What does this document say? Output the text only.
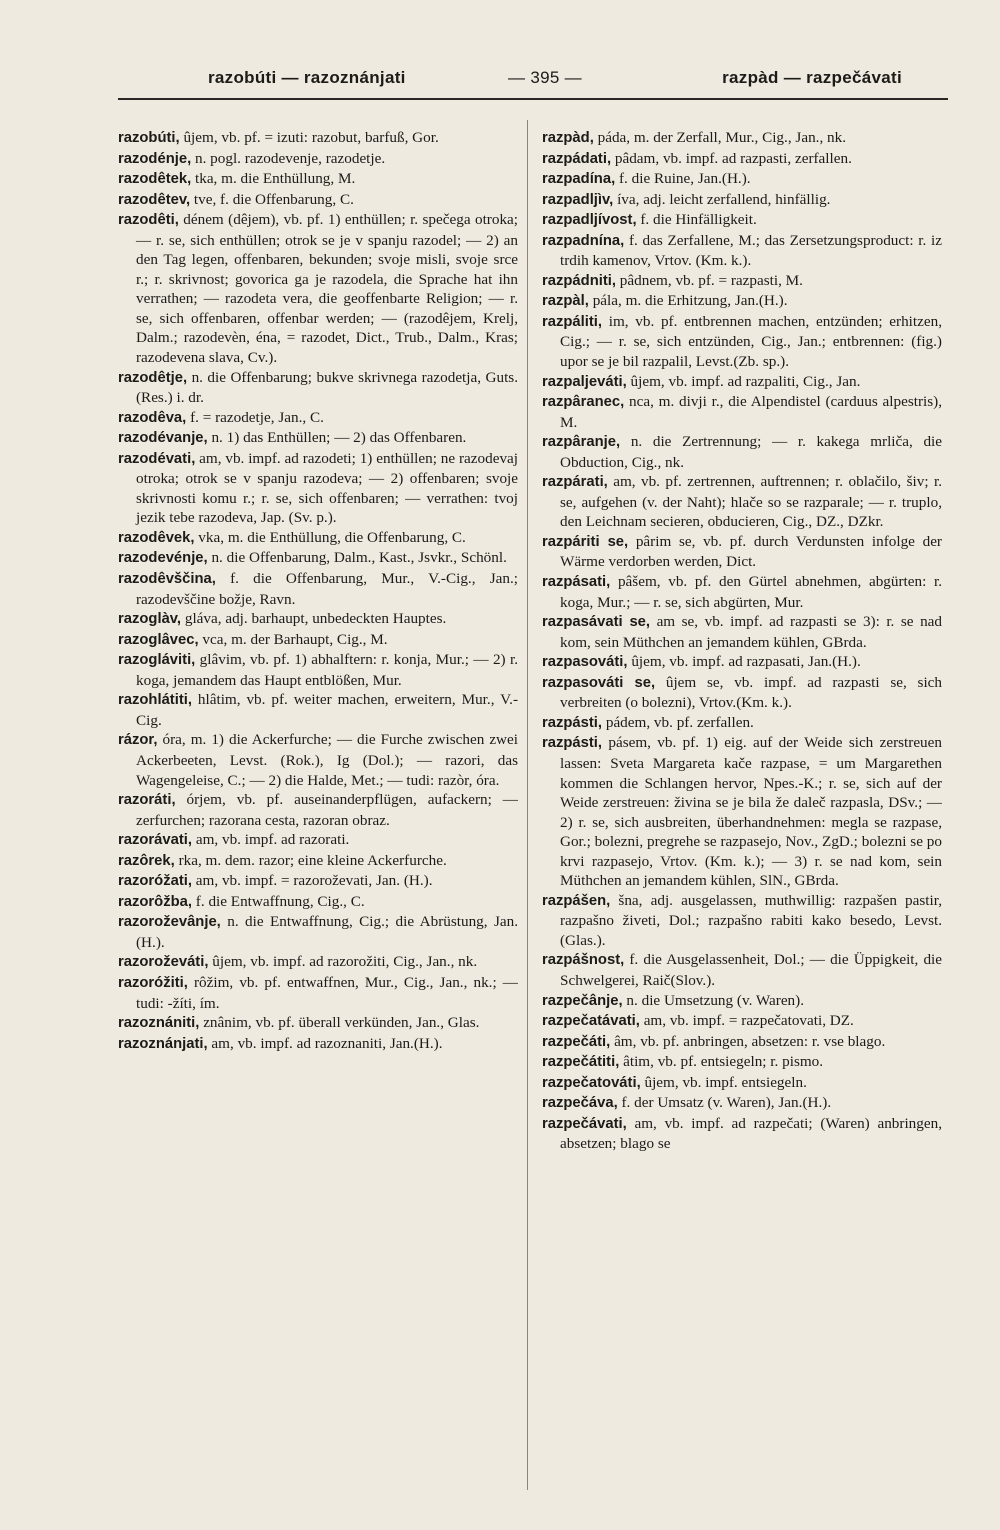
razobúti — razoznánjati	— 395 —	razpàd — razpečávati

razobúti, ûjem, vb. pf. = izuti: razobut, barfuß, Gor.

razodénje, n. pogl. razodevenje, razodetje.

razodêtek, tka, m. die Enthüllung, M.

razodêtev, tve, f. die Offenbarung, C.

razodêti, dénem (dêjem), vb. pf. 1) enthüllen; r. spečega otroka; — r. se, sich enthüllen; otrok se je v spanju razodel; — 2) an den Tag legen, offenbaren, bekunden; svoje misli, svoje srce r.; r. skrivnost; govorica ga je razodela, die Sprache hat ihn verrathen; — razodeta vera, die geoffenbarte Religion; — r. se, sich offenbaren, offenbar werden; — (razodêjem, Krelj, Dalm.; razodevèn, éna, = razodet, Dict., Trub., Dalm., Kras; razodevena slava, Cv.).

razodêtje, n. die Offenbarung; bukve skrivnega razodetja, Guts.(Res.) i. dr.

razodêva, f. = razodetje, Jan., C.

razodévanje, n. 1) das Enthüllen; — 2) das Offenbaren.

razodévati, am, vb. impf. ad razodeti; 1) enthüllen; ne razodevaj otroka; otrok se v spanju razodeva; — 2) offenbaren; svoje skrivnosti komu r.; r. se, sich offenbaren; — verrathen: tvoj jezik tebe razodeva, Jap. (Sv. p.).

razodêvek, vka, m. die Enthüllung, die Offenbarung, C.

razodevénje, n. die Offenbarung, Dalm., Kast., Jsvkr., Schönl.

razodêvščina, f. die Offenbarung, Mur., V.-Cig., Jan.; razodevščine božje, Ravn.

razoglàv, gláva, adj. barhaupt, unbedeckten Hauptes.

razoglâvec, vca, m. der Barhaupt, Cig., M.

razogláviti, glâvim, vb. pf. 1) abhalftern: r. konja, Mur.; — 2) r. koga, jemandem das Haupt entblößen, Mur.

razohlátiti, hlâtim, vb. pf. weiter machen, erweitern, Mur., V.-Cig.

rázor, óra, m. 1) die Ackerfurche; — die Furche zwischen zwei Ackerbeeten, Levst. (Rok.), Ig (Dol.); — razori, das Wagengeleise, C.; — 2) die Halde, Met.; — tudi: razòr, óra.

razoráti, órjem, vb. pf. auseinanderpflügen, aufackern; — zerfurchen; razorana cesta, razoran obraz.

razorávati, am, vb. impf. ad razorati.

razôrek, rka, m. dem. razor; eine kleine Ackerfurche.

razoróžati, am, vb. impf. = razoroževati, Jan. (H.).

razorôžba, f. die Entwaffnung, Cig., C.

razoroževânje, n. die Entwaffnung, Cig.; die Abrüstung, Jan.(H.).

razoroževáti, ûjem, vb. impf. ad razorožiti, Cig., Jan., nk.

razoróžiti, rôžim, vb. pf. entwaffnen, Mur., Cig., Jan., nk.; — tudi: -žíti, ím.

razoznániti, znânim, vb. pf. überall verkünden, Jan., Glas.

razoznánjati, am, vb. impf. ad razoznaniti, Jan.(H.).

razpàd, páda, m. der Zerfall, Mur., Cig., Jan., nk.

razpádati, pâdam, vb. impf. ad razpasti, zerfallen.

razpadína, f. die Ruine, Jan.(H.).

razpadljìv, íva, adj. leicht zerfallend, hinfällig.

razpadljívost, f. die Hinfälligkeit.

razpadnína, f. das Zerfallene, M.; das Zersetzungsproduct: r. iz trdih kamenov, Vrtov. (Km. k.).

razpádniti, pâdnem, vb. pf. = razpasti, M.

razpàl, pála, m. die Erhitzung, Jan.(H.).

razpáliti, im, vb. pf. entbrennen machen, entzünden; erhitzen, Cig.; — r. se, sich entzünden, Cig., Jan.; entbrennen: (fig.) upor se je bil razpalil, Levst.(Zb. sp.).

razpaljeváti, ûjem, vb. impf. ad razpaliti, Cig., Jan.

razpâranec, nca, m. divji r., die Alpendistel (carduus alpestris), M.

razpâranje, n. die Zertrennung; — r. kakega mrliča, die Obduction, Cig., nk.

razpárati, am, vb. pf. zertrennen, auftrennen; r. oblačilo, šiv; r. se, aufgehen (v. der Naht); hlače so se razparale; — r. truplo, den Leichnam secieren, obducieren, Cig., DZ., DZkr.

razpáriti se, pârim se, vb. pf. durch Verdunsten infolge der Wärme verdorben werden, Dict.

razpásati, pâšem, vb. pf. den Gürtel abnehmen, abgürten: r. koga, Mur.; — r. se, sich abgürten, Mur.

razpasávati se, am se, vb. impf. ad razpasti se 3): r. se nad kom, sein Müthchen an jemandem kühlen, GBrda.

razpasováti, ûjem, vb. impf. ad razpasati, Jan.(H.).

razpasováti se, ûjem se, vb. impf. ad razpasti se, sich verbreiten (o bolezni), Vrtov.(Km. k.).

razpásti, pádem, vb. pf. zerfallen.

razpásti, pásem, vb. pf. 1) eig. auf der Weide sich zerstreuen lassen: Sveta Margareta kače razpase, = um Margarethen kommen die Schlangen hervor, Npes.-K.; r. se, sich auf der Weide zerstreuen: živina se je bila že daleč razpasla, DSv.; — 2) r. se, sich ausbreiten, überhandnehmen: megla se razpase, Gor.; bolezni, pregrehe se razpasejo, Nov., ZgD.; bolezni se po krvi razpasejo, Vrtov. (Km. k.); — 3) r. se nad kom, sein Müthchen an jemandem kühlen, SlN., GBrda.

razpášen, šna, adj. ausgelassen, muthwillig: razpašen pastir, razpašno živeti, Dol.; razpašno rabiti kako besedo, Levst.(Glas.).

razpášnost, f. die Ausgelassenheit, Dol.; — die Üppigkeit, die Schwelgerei, Raič(Slov.).

razpečânje, n. die Umsetzung (v. Waren).

razpečatávati, am, vb. impf. = razpečatovati, DZ.

razpečáti, âm, vb. pf. anbringen, absetzen: r. vse blago.

razpečátiti, âtim, vb. pf. entsiegeln; r. pismo.

razpečatováti, ûjem, vb. impf. entsiegeln.

razpečáva, f. der Umsatz (v. Waren), Jan.(H.).

razpečávati, am, vb. impf. ad razpečati; (Waren) anbringen, absetzen; blago se
